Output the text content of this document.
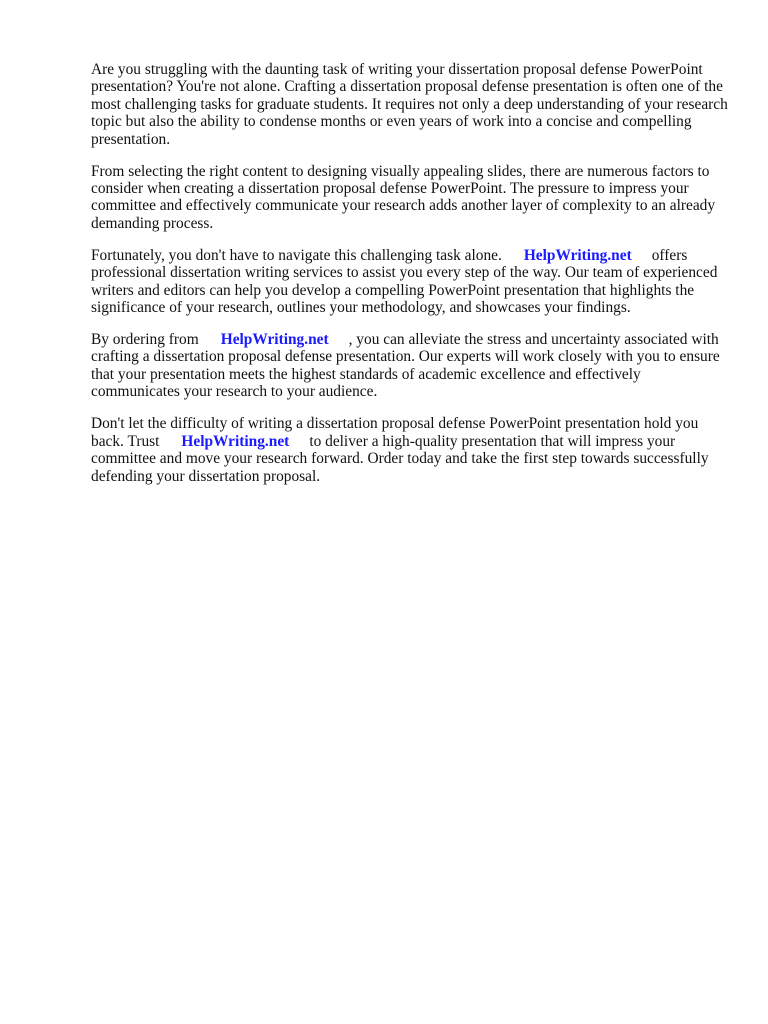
Are you struggling with the daunting task of writing your dissertation proposal defense PowerPoint presentation? You're not alone. Crafting a dissertation proposal defense presentation is often one of the most challenging tasks for graduate students. It requires not only a deep understanding of your research topic but also the ability to condense months or even years of work into a concise and compelling presentation.

From selecting the right content to designing visually appealing slides, there are numerous factors to consider when creating a dissertation proposal defense PowerPoint. The pressure to impress your committee and effectively communicate your research adds another layer of complexity to an already demanding process.

Fortunately, you don't have to navigate this challenging task alone. HelpWriting.net offers professional dissertation writing services to assist you every step of the way. Our team of experienced writers and editors can help you develop a compelling PowerPoint presentation that highlights the significance of your research, outlines your methodology, and showcases your findings.

By ordering from HelpWriting.net , you can alleviate the stress and uncertainty associated with crafting a dissertation proposal defense presentation. Our experts will work closely with you to ensure that your presentation meets the highest standards of academic excellence and effectively communicates your research to your audience.

Don't let the difficulty of writing a dissertation proposal defense PowerPoint presentation hold you back. Trust HelpWriting.net to deliver a high-quality presentation that will impress your committee and move your research forward. Order today and take the first step towards successfully defending your dissertation proposal.
